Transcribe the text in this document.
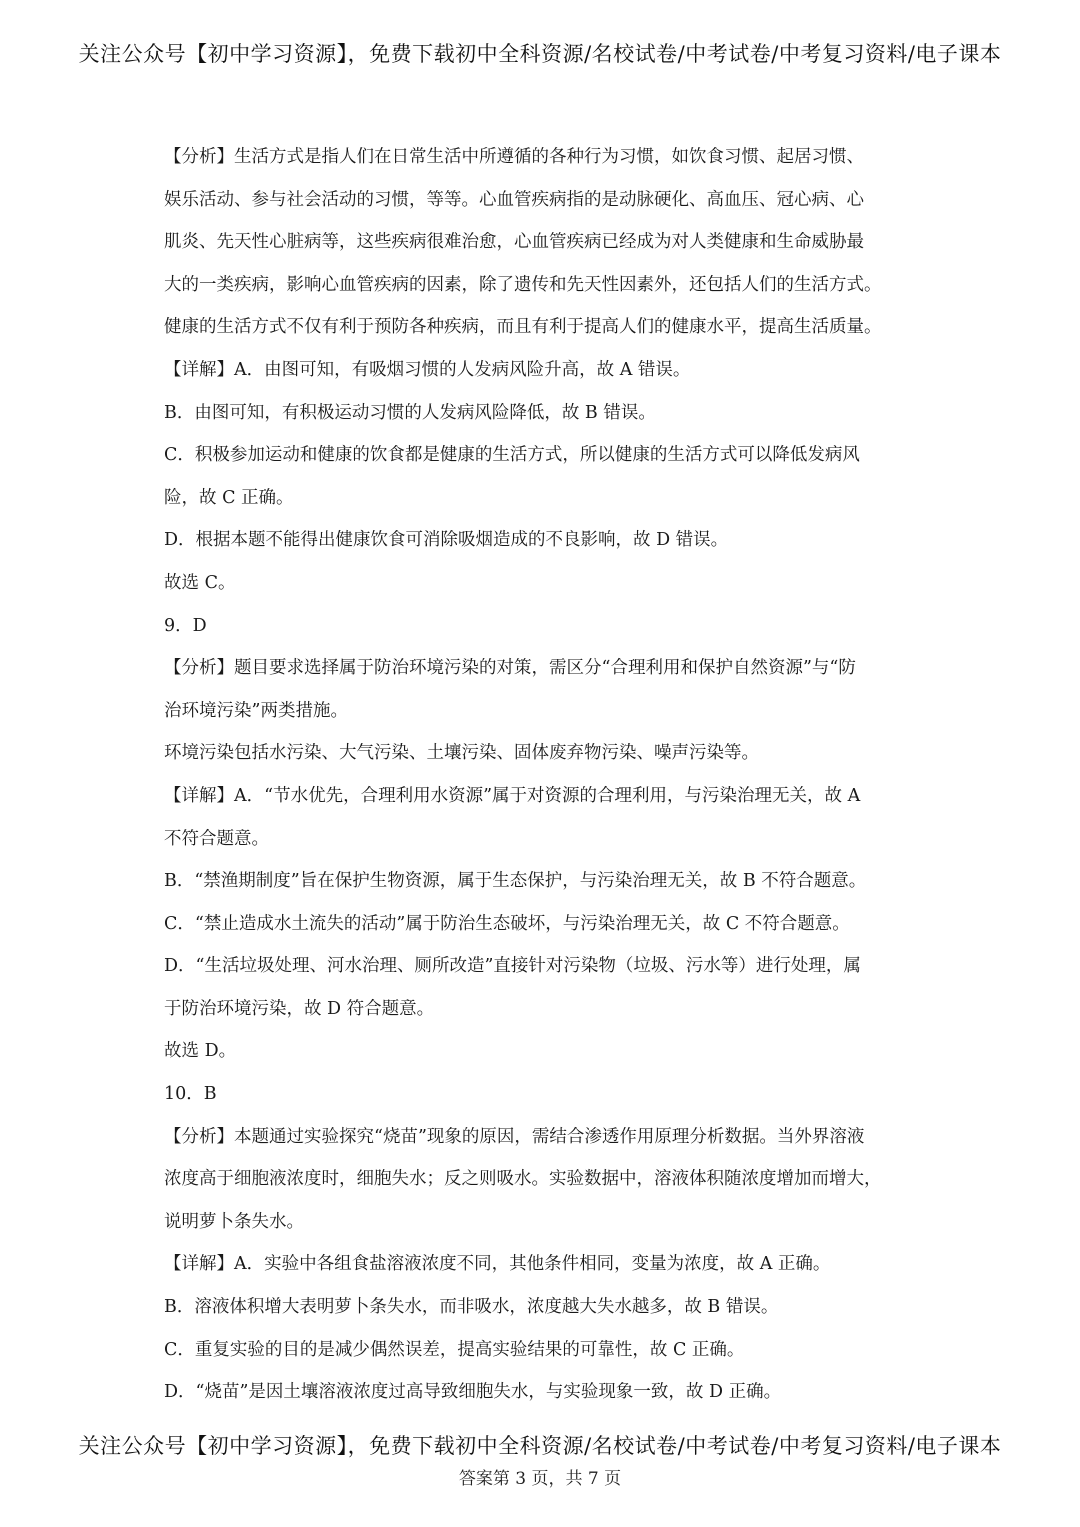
关注公众号【初中学习资源】，免费下载初中全科资源/名校试卷/中考试卷/中考复习资料/电子课本
【分析】生活方式是指人们在日常生活中所遵循的各种行为习惯，如饮食习惯、起居习惯、
娱乐活动、参与社会活动的习惯，等等。心血管疾病指的是动脉硬化、高血压、冠心病、心
肌炎、先天性心脏病等，这些疾病很难治愈，心血管疾病已经成为对人类健康和生命威胁最
大的一类疾病，影响心血管疾病的因素，除了遗传和先天性因素外，还包括人们的生活方式。
健康的生活方式不仅有利于预防各种疾病，而且有利于提高人们的健康水平，提高生活质量。
【详解】A．由图可知，有吸烟习惯的人发病风险升高，故 A 错误。
B．由图可知，有积极运动习惯的人发病风险降低，故 B 错误。
C．积极参加运动和健康的饮食都是健康的生活方式，所以健康的生活方式可以降低发病风
险，故 C 正确。
D．根据本题不能得出健康饮食可消除吸烟造成的不良影响，故 D 错误。
故选 C。
9．D
【分析】题目要求选择属于防治环境污染的对策，需区分“合理利用和保护自然资源”与“防
治环境污染”两类措施。
环境污染包括水污染、大气污染、土壤污染、固体废弃物污染、噪声污染等。
【详解】A．“节水优先，合理利用水资源”属于对资源的合理利用，与污染治理无关，故 A
不符合题意。
B．“禁渔期制度”旨在保护生物资源，属于生态保护，与污染治理无关，故 B 不符合题意。
C．“禁止造成水土流失的活动”属于防治生态破坏，与污染治理无关，故 C 不符合题意。
D．“生活垃圾处理、河水治理、厕所改造”直接针对污染物（垃圾、污水等）进行处理，属
于防治环境污染，故 D 符合题意。
故选 D。
10．B
【分析】本题通过实验探究“烧苗”现象的原因，需结合渗透作用原理分析数据。当外界溶液
浓度高于细胞液浓度时，细胞失水；反之则吸水。实验数据中，溶液体积随浓度增加而增大，
说明萝卜条失水。
【详解】A．实验中各组食盐溶液浓度不同，其他条件相同，变量为浓度，故 A 正确。
B．溶液体积增大表明萝卜条失水，而非吸水，浓度越大失水越多，故 B 错误。
C．重复实验的目的是减少偶然误差，提高实验结果的可靠性，故 C 正确。
D．“烧苗”是因土壤溶液浓度过高导致细胞失水，与实验现象一致，故 D 正确。
关注公众号【初中学习资源】，免费下载初中全科资源/名校试卷/中考试卷/中考复习资料/电子课本
答案第 3 页，共 7 页
